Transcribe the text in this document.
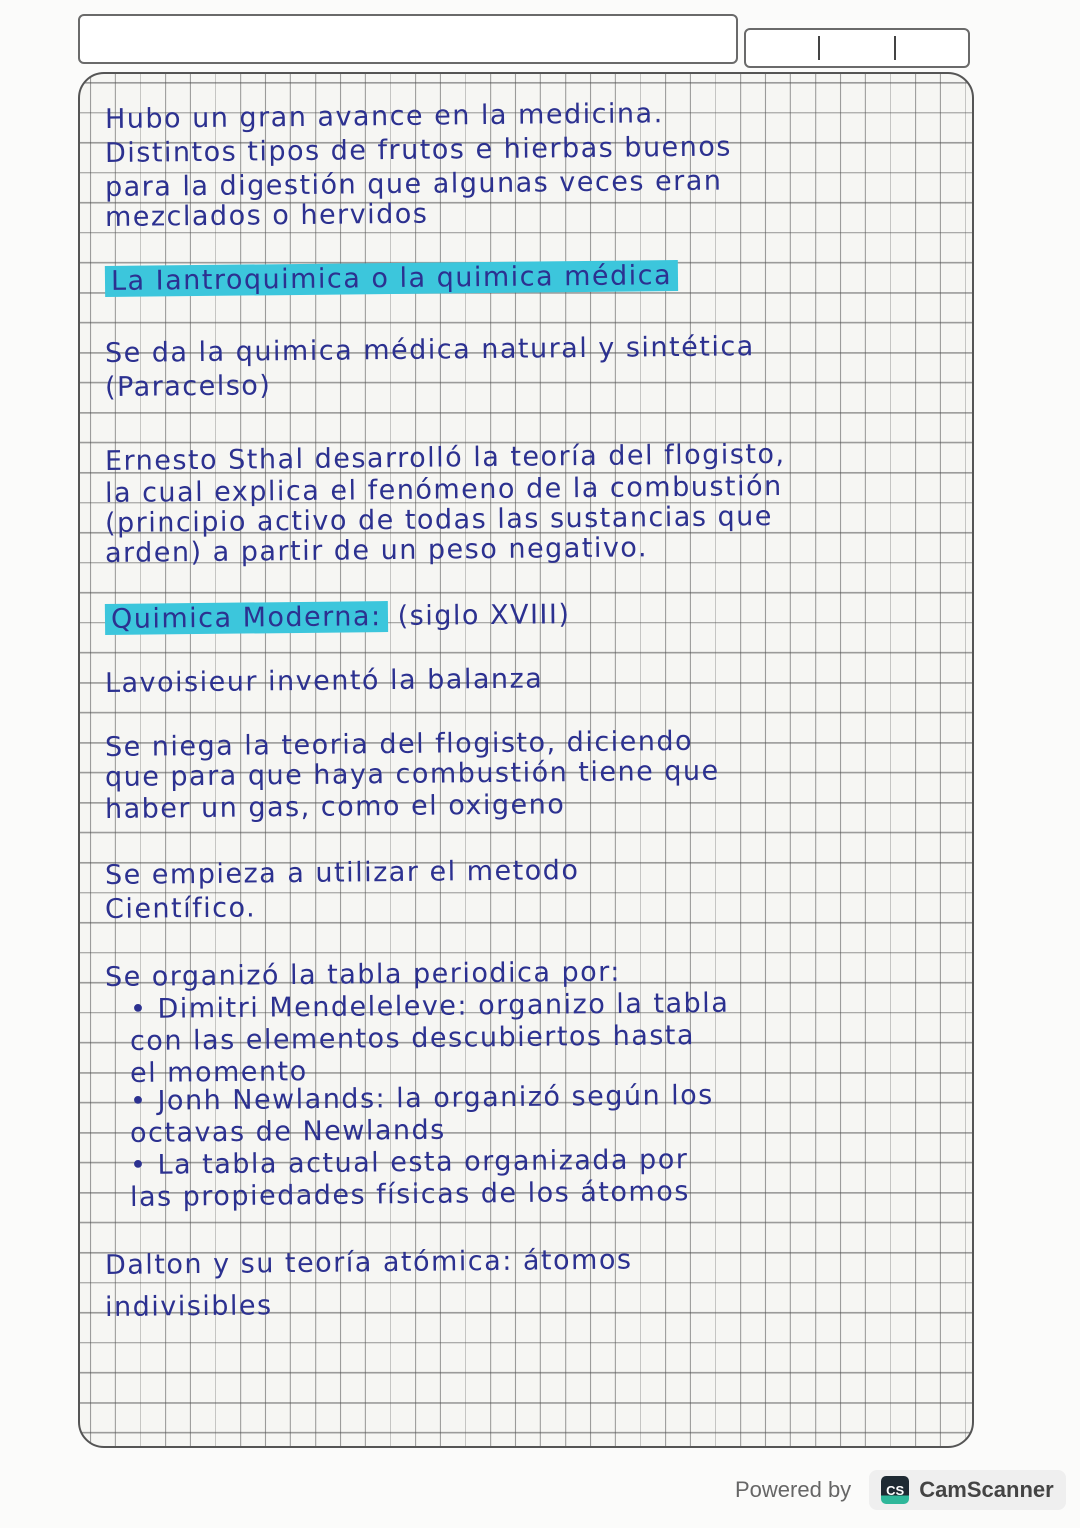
Hubo un gran avance en la medicina.
Distintos tipos de frutos e hierbas buenos
para la digestión que algunas veces eran
mezclados o hervidos
La Iantroquimica o la quimica médica
Se da la quimica médica natural y sintética
(Paracelso)
Ernesto Sthal desarrolló la teoría del flogisto,
la cual explica el fenómeno de la combustión
(principio activo de todas las sustancias que
arden) a partir de un peso negativo.
Quimica Moderna: (siglo XVIII)
Lavoisieur inventó la balanza
Se niega la teoria del flogisto, diciendo
que para que haya combustión tiene que
haber un gas, como el oxigeno
Se empieza a utilizar el metodo
Científico.
Se organizó la tabla periodica por:
• Dimitri Mendeleleve: organizo la tabla
con las elementos descubiertos hasta
el momento
• Jonh Newlands: la organizó según los
octavas de Newlands
• La tabla actual esta organizada por
las propiedades físicas de los átomos
Dalton y su teoría atómica: átomos
indivisibles
Powered by	CS CamScanner
